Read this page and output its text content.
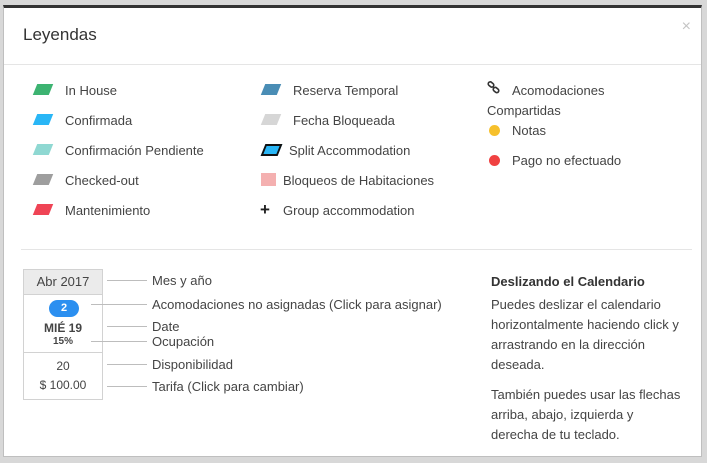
Leyendas	×
In House
Confirmada
Confirmación Pendiente
Checked-out
Mantenimiento
Reserva Temporal
Fecha Bloqueada
Split Accommodation
Bloqueos de Habitaciones
+ Group accommodation
Acomodaciones
Compartidas
Notas
Pago no efectuado
Abr 2017
2
MIÉ 19
15%
20
$ 100.00
Mes y año
Acomodaciones no asignadas (Click para asignar)
Date
Ocupación
Disponibilidad
Tarifa (Click para cambiar)
Deslizando el Calendario
Puedes deslizar el calendario
horizontalmente haciendo click y
arrastrando en la dirección
deseada.
También puedes usar las flechas
arriba, abajo, izquierda y
derecha de tu teclado.
